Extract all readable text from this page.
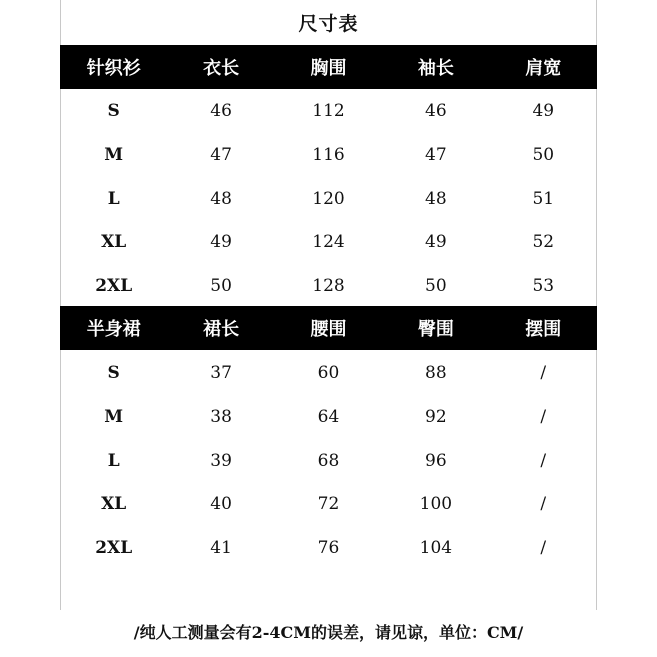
尺寸表
针织衫	衣长	胸围	袖长	肩宽
S	46	112	46	49
M	47	116	47	50
L	48	120	48	51
XL	49	124	49	52
2XL	50	128	50	53
半身裙	裙长	腰围	臀围	摆围
S	37	60	88	/
M	38	64	92	/
L	39	68	96	/
XL	40	72	100	/
2XL	41	76	104	/
/纯人工测量会有2-4CM的误差，请见谅，单位：CM/
